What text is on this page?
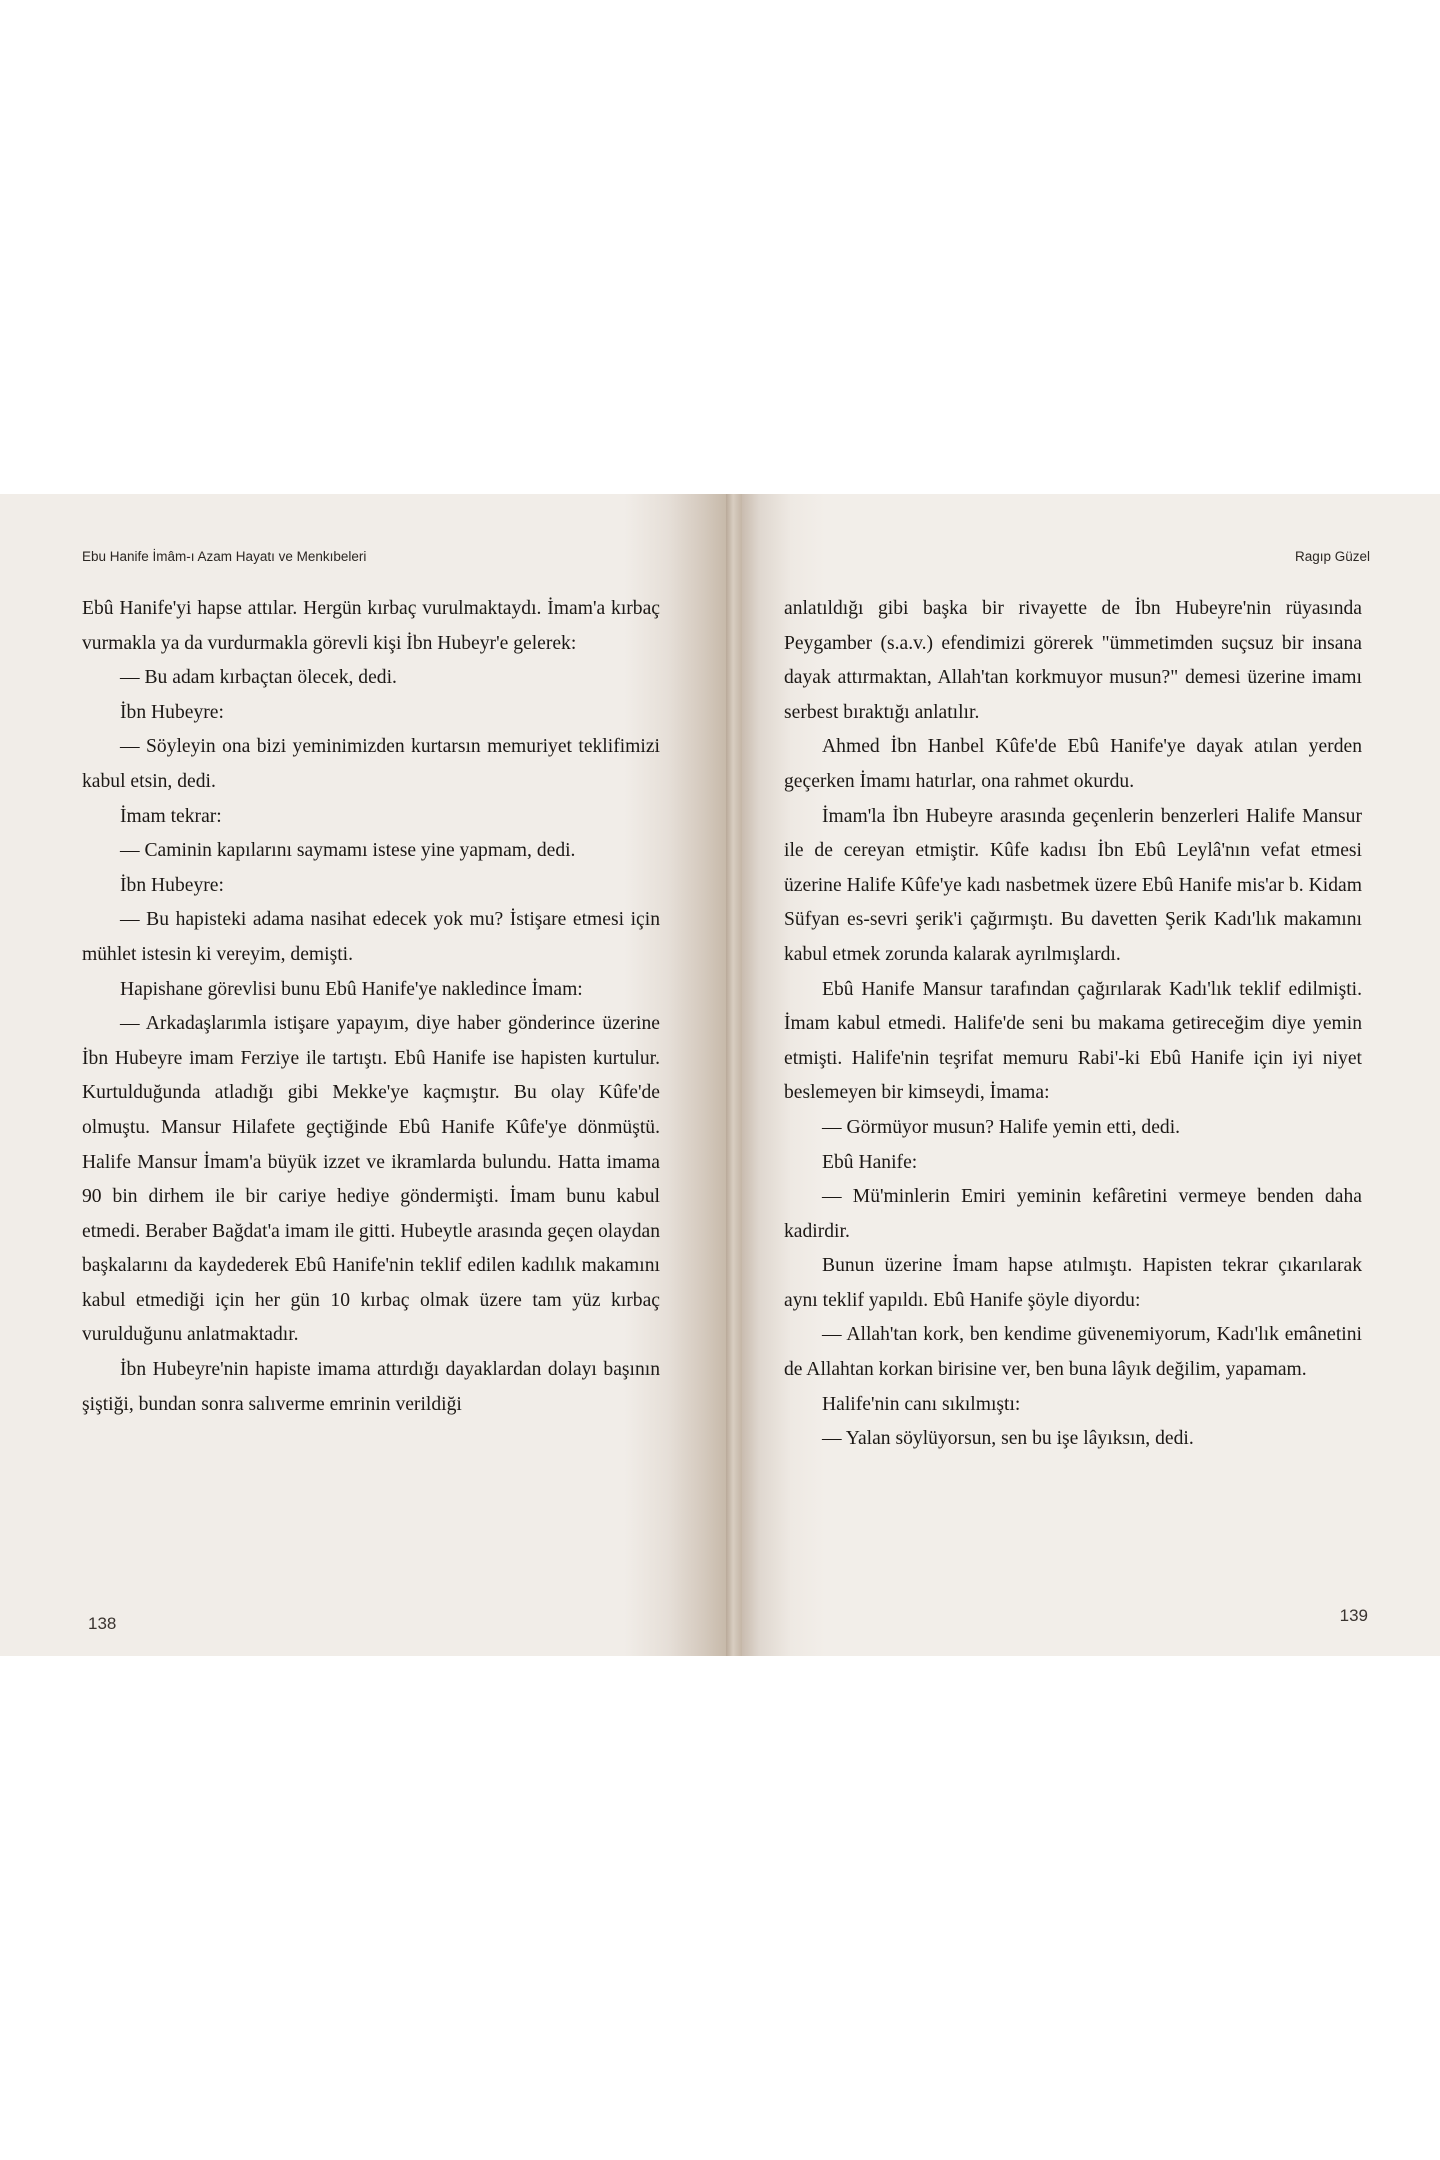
Ebu Hanife İmâm-ı Azam Hayatı ve Menkıbeleri

Ebû Hanife'yi hapse attılar. Hergün kırbaç vurulmaktaydı. İmam'a kırbaç vurmakla ya da vurdurmakla görevli kişi İbn Hubeyr'e gelerek:

— Bu adam kırbaçtan ölecek, dedi.

İbn Hubeyre:

— Söyleyin ona bizi yeminimizden kurtarsın memuriyet teklifimizi kabul etsin, dedi.

İmam tekrar:

— Caminin kapılarını saymamı istese yine yapmam, dedi.

İbn Hubeyre:

— Bu hapisteki adama nasihat edecek yok mu? İstişare etmesi için mühlet istesin ki vereyim, demişti.

Hapishane görevlisi bunu Ebû Hanife'ye nakledince İmam:

— Arkadaşlarımla istişare yapayım, diye haber gönderince üzerine İbn Hubeyre imam Ferziye ile tartıştı. Ebû Hanife ise hapisten kurtulur. Kurtulduğunda atladığı gibi Mekke'ye kaçmıştır. Bu olay Kûfe'de olmuştu. Mansur Hilafete geçtiğinde Ebû Hanife Kûfe'ye dönmüştü. Halife Mansur İmam'a büyük izzet ve ikramlarda bulundu. Hatta imama 90 bin dirhem ile bir cariye hediye göndermişti. İmam bunu kabul etmedi. Beraber Bağdat'a imam ile gitti. Hubeytle arasında geçen olaydan başkalarını da kaydederek Ebû Hanife'nin teklif edilen kadılık makamını kabul etmediği için her gün 10 kırbaç olmak üzere tam yüz kırbaç vurulduğunu anlatmaktadır.

İbn Hubeyre'nin hapiste imama attırdığı dayaklardan dolayı başının şiştiği, bundan sonra salıverme emrinin verildiği

138
Ragıp Güzel

anlatıldığı gibi başka bir rivayette de İbn Hubeyre'nin rüyasında Peygamber (s.a.v.) efendimizi görerek "ümmetimden suçsuz bir insana dayak attırmaktan, Allah'tan korkmuyor musun?" demesi üzerine imamı serbest bıraktığı anlatılır.

Ahmed İbn Hanbel Kûfe'de Ebû Hanife'ye dayak atılan yerden geçerken İmamı hatırlar, ona rahmet okurdu.

İmam'la İbn Hubeyre arasında geçenlerin benzerleri Halife Mansur ile de cereyan etmiştir. Kûfe kadısı İbn Ebû Leylâ'nın vefat etmesi üzerine Halife Kûfe'ye kadı nasbetmek üzere Ebû Hanife mis'ar b. Kidam Süfyan es-sevri şerik'i çağırmıştı. Bu davetten Şerik Kadı'lık makamını kabul etmek zorunda kalarak ayrılmışlardı.

Ebû Hanife Mansur tarafından çağırılarak Kadı'lık teklif edilmişti. İmam kabul etmedi. Halife'de seni bu makama getireceğim diye yemin etmişti. Halife'nin teşrifat memuru Rabi'-ki Ebû Hanife için iyi niyet beslemeyen bir kimseydi, İmama:

— Görmüyor musun? Halife yemin etti, dedi.

Ebû Hanife:

— Mü'minlerin Emiri yeminin kefâretini vermeye benden daha kadirdir.

Bunun üzerine İmam hapse atılmıştı. Hapisten tekrar çıkarılarak aynı teklif yapıldı. Ebû Hanife şöyle diyordu:

— Allah'tan kork, ben kendime güvenemiyorum, Kadı'lık emânetini de Allahtan korkan birisine ver, ben buna lâyık değilim, yapamam.

Halife'nin canı sıkılmıştı:

— Yalan söylüyorsun, sen bu işe lâyıksın, dedi.

139
